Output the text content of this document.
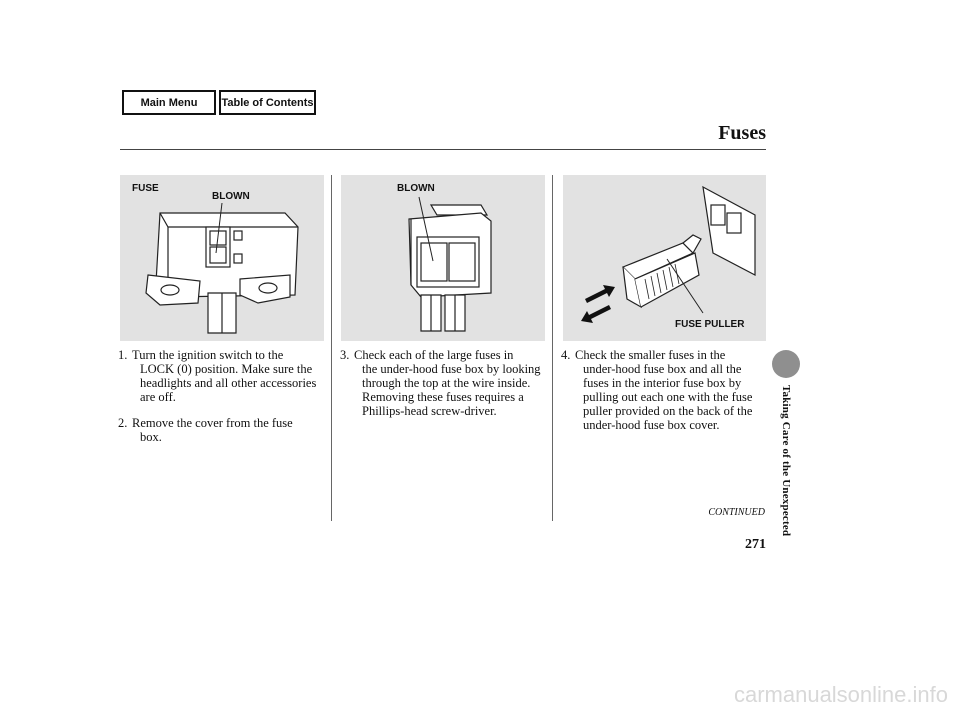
Main Menu	Table of Contents
Fuses
FUSE
BLOWN
BLOWN
FUSE PULLER
1. Turn the ignition switch to the
LOCK (0) position. Make sure the headlights and all other accessories are off.
2. Remove the cover from the fuse
box.
3. Check each of the large fuses in
the under-hood fuse box by looking through the top at the wire inside. Removing these fuses requires a Phillips-head screw-driver.
4. Check the smaller fuses in the
under-hood fuse box and all the fuses in the interior fuse box by pulling out each one with the fuse puller provided on the back of the under-hood fuse box cover.
CONTINUED Taking Care of the Unexpected
271
carmanualsonline.info
